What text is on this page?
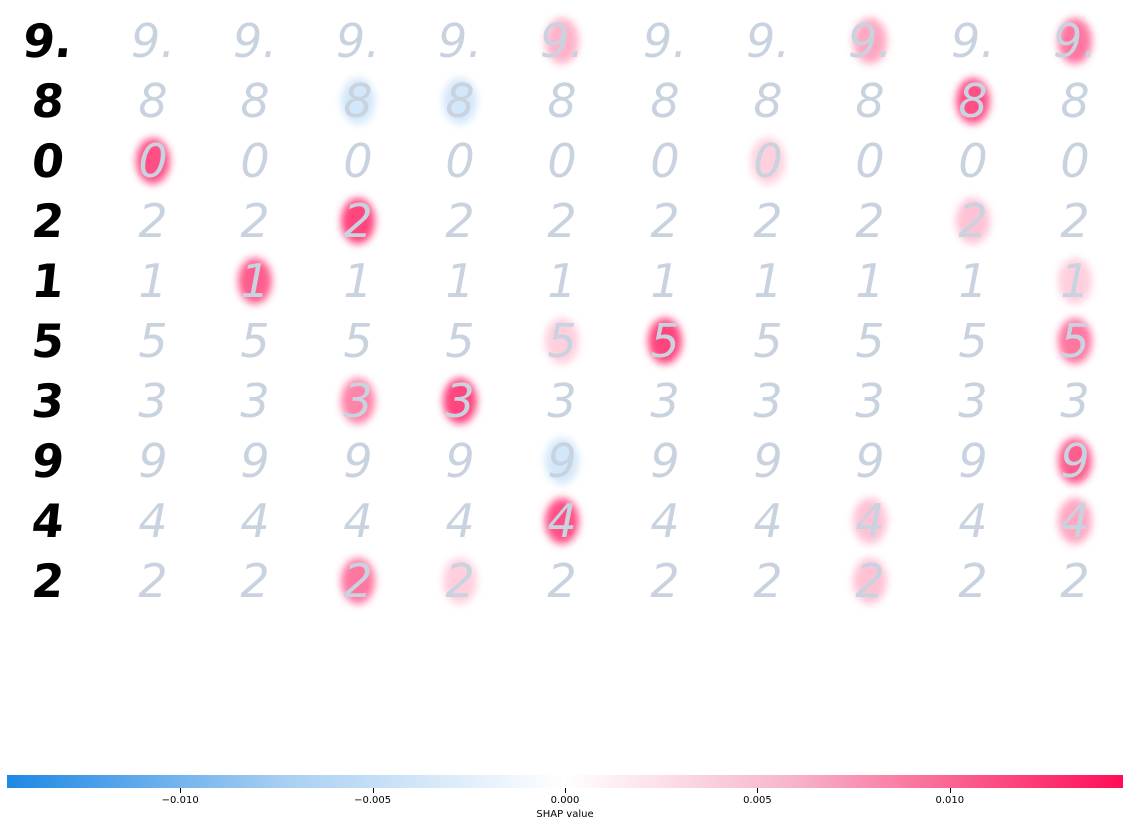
9. 9. 9. 9. 9. 9. 9. 9. 9. 9. 9.
8 8 8 8 8 8 8 8 8 8 8
0 0 0 0 0 0 0 0 0 0 0
2 2 2 2 2 2 2 2 2 2 2
1 1 1 1 1 1 1 1 1 1 1
5 5 5 5 5 5 5 5 5 5 5
3 3 3 3 3 3 3 3 3 3 3
9 9 9 9 9 9 9 9 9 9 9
4 4 4 4 4 4 4 4 4 4 4
2 2 2 2 2 2 2 2 2 2 2
−0.010	−0.005	0.000	0.005	0.010
SHAP value
